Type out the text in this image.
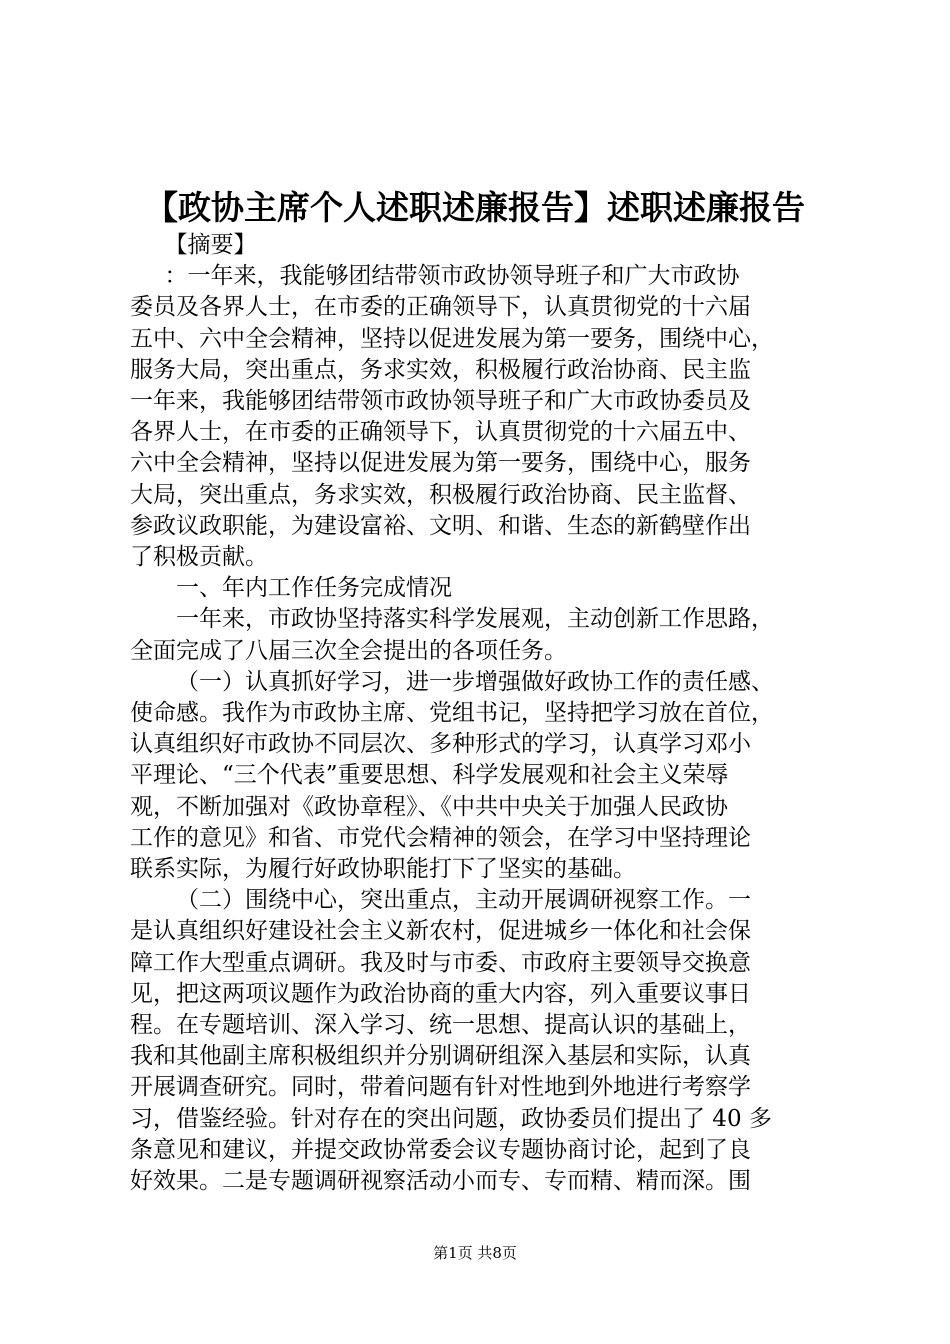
【政协主席个人述职述廉报告】述职述廉报告

【摘要】

：一年来，我能够团结带领市政协领导班子和广大市政协

委员及各界人士，在市委的正确领导下，认真贯彻党的十六届

五中、六中全会精神，坚持以促进发展为第一要务，围绕中心，

服务大局，突出重点，务求实效，积极履行政治协商、民主监

一年来，我能够团结带领市政协领导班子和广大市政协委员及

各界人士，在市委的正确领导下，认真贯彻党的十六届五中、

六中全会精神，坚持以促进发展为第一要务，围绕中心，服务

大局，突出重点，务求实效，积极履行政治协商、民主监督、

参政议政职能，为建设富裕、文明、和谐、生态的新鹤壁作出

了积极贡献。

一、年内工作任务完成情况

一年来，市政协坚持落实科学发展观，主动创新工作思路，

全面完成了八届三次全会提出的各项任务。

（一）认真抓好学习，进一步增强做好政协工作的责任感、

使命感。我作为市政协主席、党组书记，坚持把学习放在首位，

认真组织好市政协不同层次、多种形式的学习，认真学习邓小

平理论、“三个代表”重要思想、科学发展观和社会主义荣辱

观，不断加强对《政协章程》、《中共中央关于加强人民政协

工作的意见》和省、市党代会精神的领会，在学习中坚持理论

联系实际，为履行好政协职能打下了坚实的基础。

（二）围绕中心，突出重点，主动开展调研视察工作。一

是认真组织好建设社会主义新农村，促进城乡一体化和社会保

障工作大型重点调研。我及时与市委、市政府主要领导交换意

见，把这两项议题作为政治协商的重大内容，列入重要议事日

程。在专题培训、深入学习、统一思想、提高认识的基础上，

我和其他副主席积极组织并分别调研组深入基层和实际，认真

开展调查研究。同时，带着问题有针对性地到外地进行考察学

习，借鉴经验。针对存在的突出问题，政协委员们提出了 40 多

条意见和建议，并提交政协常委会议专题协商讨论，起到了良

好效果。二是专题调研视察活动小而专、专而精、精而深。围

第1页 共8页
